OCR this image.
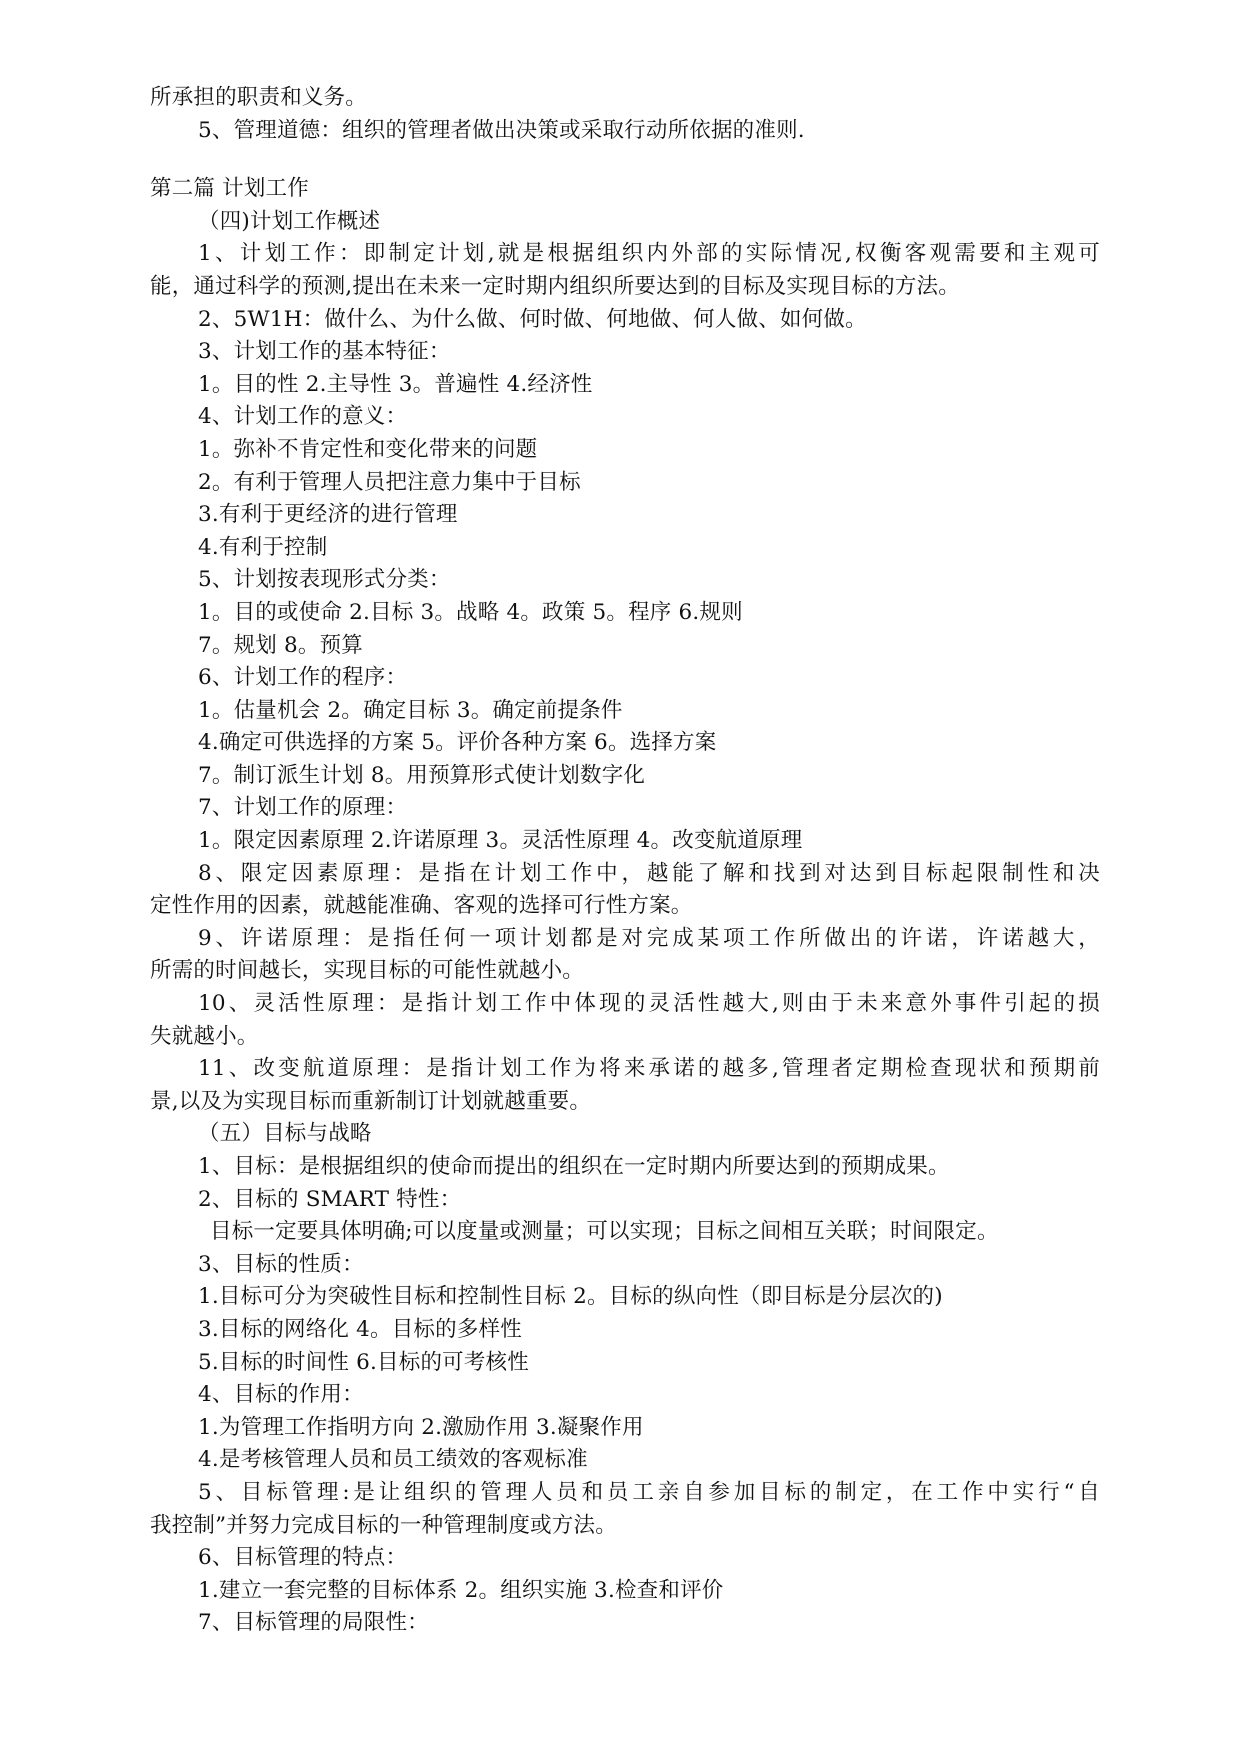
所承担的职责和义务。

5、管理道德：组织的管理者做出决策或采取行动所依据的准则.

第二篇 计划工作

（四)计划工作概述

1、计划工作：即制定计划,就是根据组织内外部的实际情况,权衡客观需要和主观可

能，通过科学的预测,提出在未来一定时期内组织所要达到的目标及实现目标的方法。

2、5W1H：做什么、为什么做、何时做、何地做、何人做、如何做。

3、计划工作的基本特征：

1。目的性 2.主导性 3。普遍性 4.经济性

4、计划工作的意义：

1。弥补不肯定性和变化带来的问题

2。有利于管理人员把注意力集中于目标

3.有利于更经济的进行管理

4.有利于控制

5、计划按表现形式分类：

1。目的或使命 2.目标 3。战略 4。政策 5。程序 6.规则

7。规划 8。预算

6、计划工作的程序：

1。估量机会 2。确定目标 3。确定前提条件

4.确定可供选择的方案 5。评价各种方案 6。选择方案

7。制订派生计划 8。用预算形式使计划数字化

7、计划工作的原理：

1。限定因素原理 2.许诺原理 3。灵活性原理 4。改变航道原理

8、限定因素原理：是指在计划工作中，越能了解和找到对达到目标起限制性和决

定性作用的因素，就越能准确、客观的选择可行性方案。

9、许诺原理：是指任何一项计划都是对完成某项工作所做出的许诺，许诺越大，

所需的时间越长，实现目标的可能性就越小。

10、灵活性原理：是指计划工作中体现的灵活性越大,则由于未来意外事件引起的损

失就越小。

11、改变航道原理：是指计划工作为将来承诺的越多,管理者定期检查现状和预期前

景,以及为实现目标而重新制订计划就越重要。

（五）目标与战略

1、目标：是根据组织的使命而提出的组织在一定时期内所要达到的预期成果。

2、目标的 SMART 特性：

目标一定要具体明确;可以度量或测量；可以实现；目标之间相互关联；时间限定。

3、目标的性质：

1.目标可分为突破性目标和控制性目标 2。目标的纵向性（即目标是分层次的)

3.目标的网络化 4。目标的多样性

5.目标的时间性 6.目标的可考核性

4、目标的作用：

1.为管理工作指明方向 2.激励作用 3.凝聚作用

4.是考核管理人员和员工绩效的客观标准

5、目标管理:是让组织的管理人员和员工亲自参加目标的制定，在工作中实行“自

我控制”并努力完成目标的一种管理制度或方法。

6、目标管理的特点：

1.建立一套完整的目标体系 2。组织实施 3.检查和评价

7、目标管理的局限性：
